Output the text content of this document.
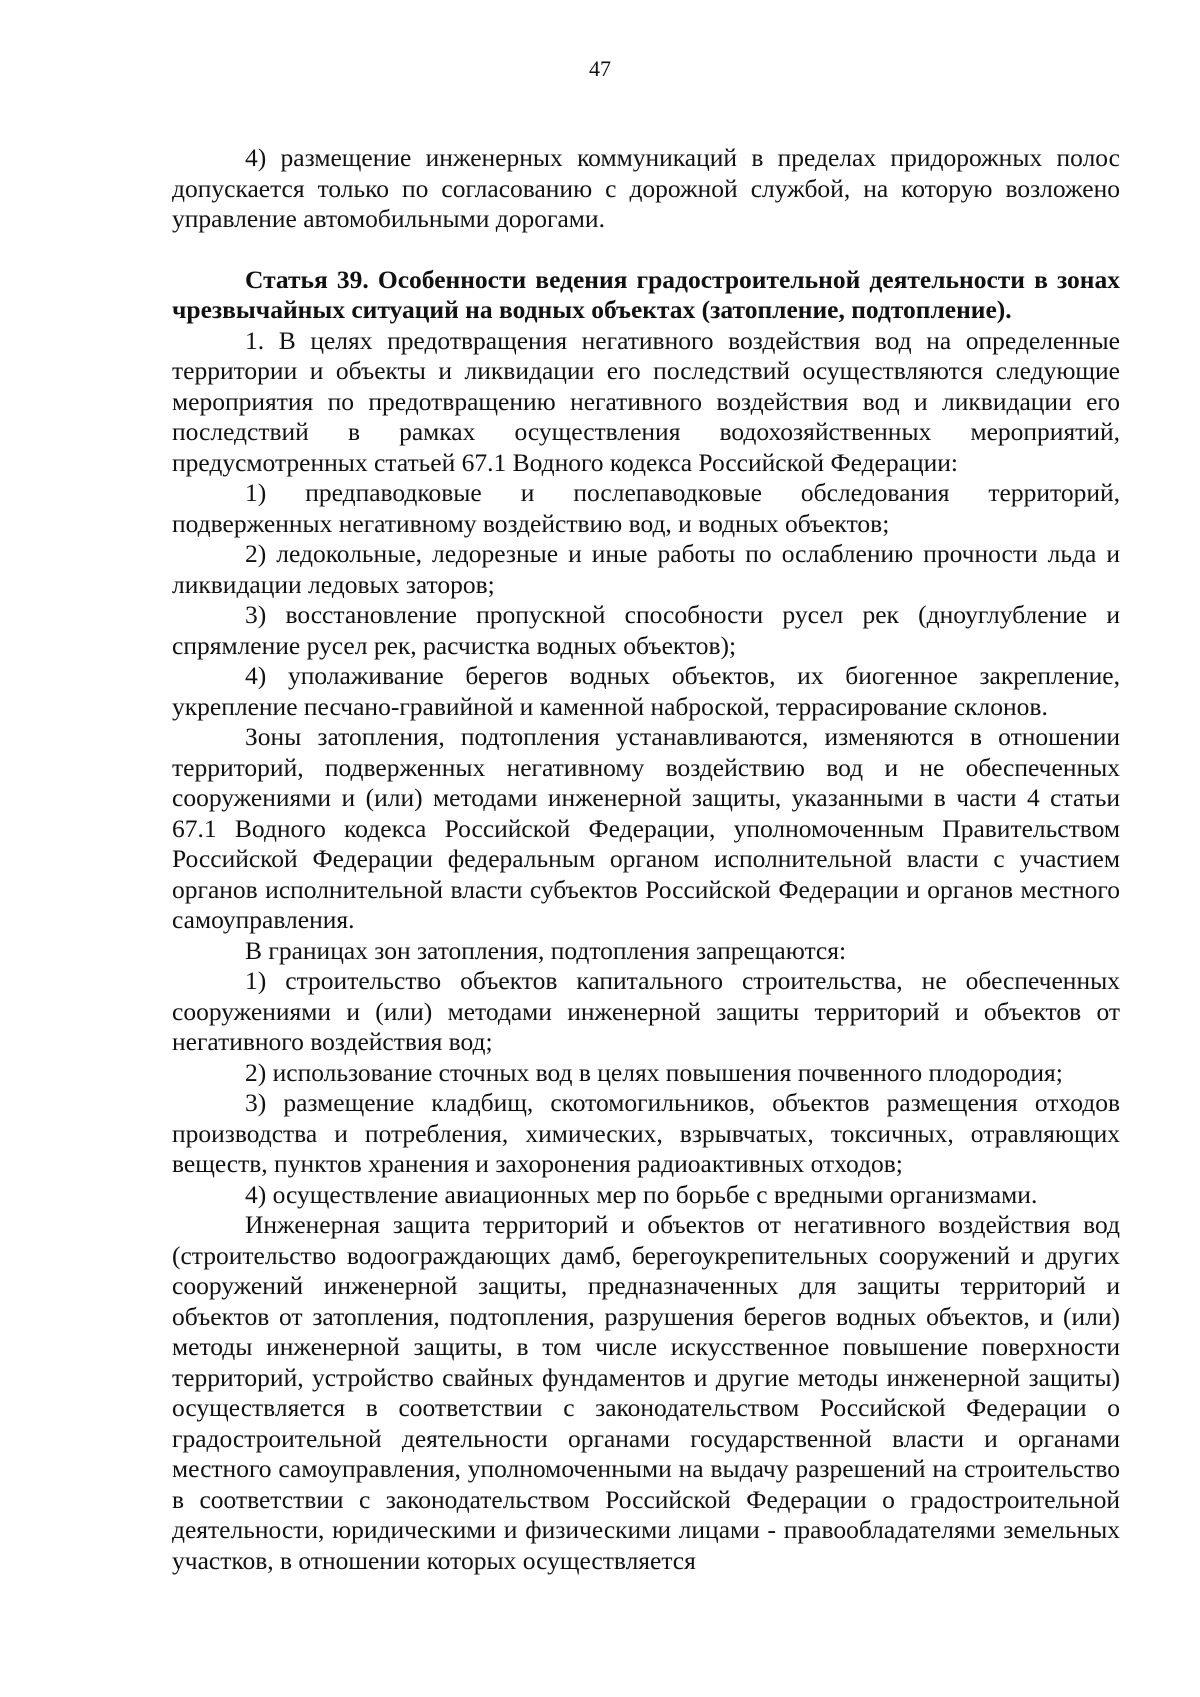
47

4) размещение инженерных коммуникаций в пределах придорожных полос допускается только по согласованию с дорожной службой, на которую возложено управление автомобильными дорогами.

Статья 39. Особенности ведения градостроительной деятельности в зонах чрезвычайных ситуаций на водных объектах (затопление, подтопление).

1. В целях предотвращения негативного воздействия вод на определенные территории и объекты и ликвидации его последствий осуществляются следующие мероприятия по предотвращению негативного воздействия вод и ликвидации его последствий в рамках осуществления водохозяйственных мероприятий, предусмотренных статьей 67.1 Водного кодекса Российской Федерации:

1) предпаводковые и послепаводковые обследования территорий, подверженных негативному воздействию вод, и водных объектов;

2) ледокольные, ледорезные и иные работы по ослаблению прочности льда и ликвидации ледовых заторов;

3) восстановление пропускной способности русел рек (дноуглубление и спрямление русел рек, расчистка водных объектов);

4) уполаживание берегов водных объектов, их биогенное закрепление, укрепление песчано-гравийной и каменной наброской, террасирование склонов.

Зоны затопления, подтопления устанавливаются, изменяются в отношении территорий, подверженных негативному воздействию вод и не обеспеченных сооружениями и (или) методами инженерной защиты, указанными в части 4 статьи 67.1 Водного кодекса Российской Федерации, уполномоченным Правительством Российской Федерации федеральным органом исполнительной власти с участием органов исполнительной власти субъектов Российской Федерации и органов местного самоуправления.

В границах зон затопления, подтопления запрещаются:

1) строительство объектов капитального строительства, не обеспеченных сооружениями и (или) методами инженерной защиты территорий и объектов от негативного воздействия вод;

2) использование сточных вод в целях повышения почвенного плодородия;

3) размещение кладбищ, скотомогильников, объектов размещения отходов производства и потребления, химических, взрывчатых, токсичных, отравляющих веществ, пунктов хранения и захоронения радиоактивных отходов;

4) осуществление авиационных мер по борьбе с вредными организмами.

Инженерная защита территорий и объектов от негативного воздействия вод (строительство водоограждающих дамб, берегоукрепительных сооружений и других сооружений инженерной защиты, предназначенных для защиты территорий и объектов от затопления, подтопления, разрушения берегов водных объектов, и (или) методы инженерной защиты, в том числе искусственное повышение поверхности территорий, устройство свайных фундаментов и другие методы инженерной защиты) осуществляется в соответствии с законодательством Российской Федерации о градостроительной деятельности органами государственной власти и органами местного самоуправления, уполномоченными на выдачу разрешений на строительство в соответствии с законодательством Российской Федерации о градостроительной деятельности, юридическими и физическими лицами - правообладателями земельных участков, в отношении которых осуществляется
